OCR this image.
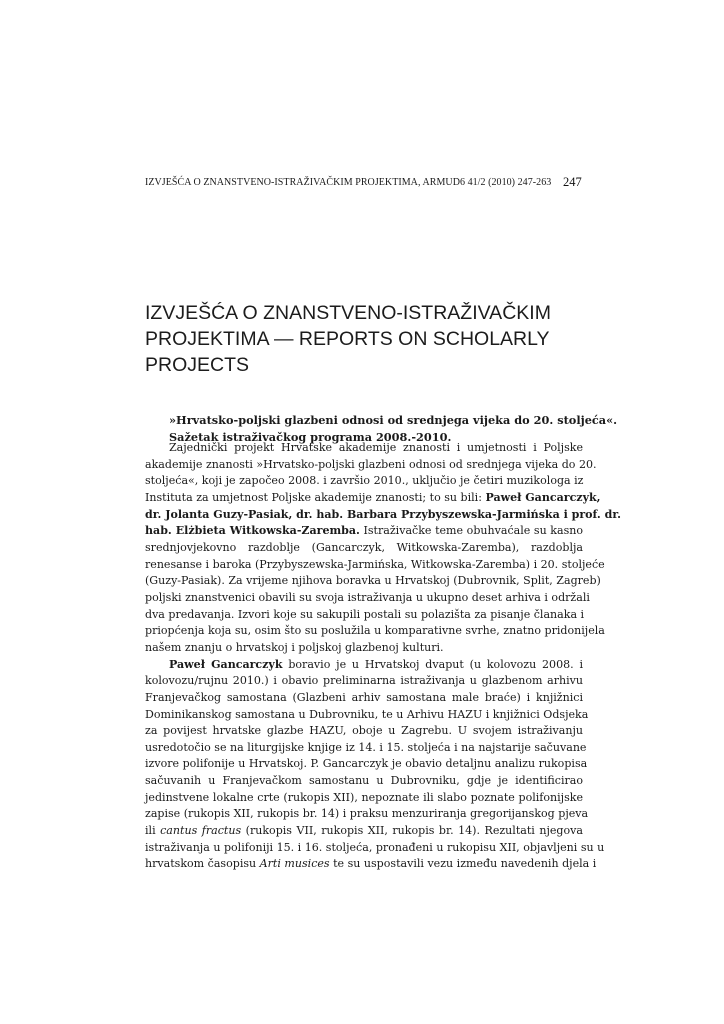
IZVJEŠĆA O ZNANSTVENO-ISTRAŽIVAČKIM PROJEKTIMA, ARMUD6 41/2 (2010) 247-263 247
IZVJEŠĆA O ZNANSTVENO-ISTRAŽIVAČKIM
PROJEKTIMA — REPORTS ON SCHOLARLY
PROJECTS
»Hrvatsko-poljski glazbeni odnosi od srednjega vijeka do 20. stoljeća«.
Sažetak istraživačkog programa 2008.-2010.
Zajednički projekt Hrvatske akademije znanosti i umjetnosti i Poljske
akademije znanosti »Hrvatsko-poljski glazbeni odnosi od srednjega vijeka do 20.
stoljeća«, koji je započeo 2008. i završio 2010., uključio je četiri muzikologa iz
Instituta za umjetnost Poljske akademije znanosti; to su bili: Paweł Gancarczyk,
dr. Jolanta Guzy-Pasiak, dr. hab. Barbara Przybyszewska-Jarmińska i prof. dr.
hab. Elżbieta Witkowska-Zaremba. Istraživačke teme obuhvaćale su kasno
srednjovjekovno razdoblje (Gancarczyk, Witkowska-Zaremba), razdoblja
renesanse i baroka (Przybyszewska-Jarmińska, Witkowska-Zaremba) i 20. stoljeće
(Guzy-Pasiak). Za vrijeme njihova boravka u Hrvatskoj (Dubrovnik, Split, Zagreb)
poljski znanstvenici obavili su svoja istraživanja u ukupno deset arhiva i održali
dva predavanja. Izvori koje su sakupili postali su polazišta za pisanje članaka i
priopćenja koja su, osim što su poslužila u komparativne svrhe, znatno pridonijela
našem znanju o hrvatskoj i poljskoj glazbenoj kulturi.
Paweł Gancarczyk boravio je u Hrvatskoj dvaput (u kolovozu 2008. i
kolovozu/rujnu 2010.) i obavio preliminarna istraživanja u glazbenom arhivu
Franjevačkog samostana (Glazbeni arhiv samostana male braće) i knjižnici
Dominikanskog samostana u Dubrovniku, te u Arhivu HAZU i knjižnici Odsjeka
za povijest hrvatske glazbe HAZU, oboje u Zagrebu. U svojem istraživanju
usredotočio se na liturgijske knjige iz 14. i 15. stoljeća i na najstarije sačuvane
izvore polifonije u Hrvatskoj. P. Gancarczyk je obavio detaljnu analizu rukopisa
sačuvanih u Franjevačkom samostanu u Dubrovniku, gdje je identificirao
jedinstvene lokalne crte (rukopis XII), nepoznate ili slabo poznate polifonijske
zapise (rukopis XII, rukopis br. 14) i praksu menzuriranja gregorijanskog pjeva
ili cantus fractus (rukopis VII, rukopis XII, rukopis br. 14). Rezultati njegova
istraživanja u polifoniji 15. i 16. stoljeća, pronađeni u rukopisu XII, objavljeni su u
hrvatskom časopisu Arti musices te su uspostavili vezu između navedenih djela i
